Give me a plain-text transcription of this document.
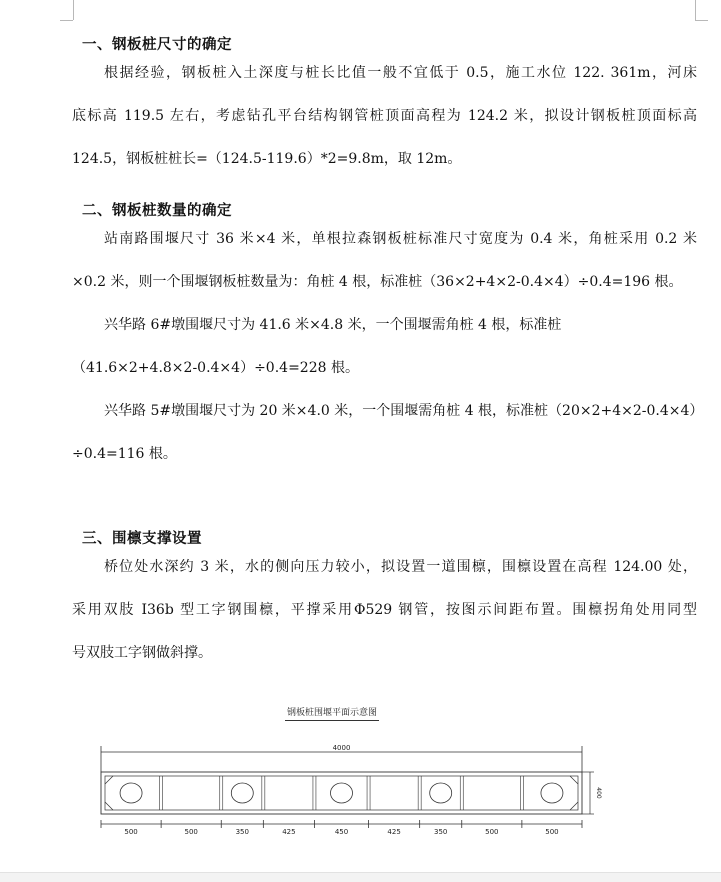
一、钢板桩尺寸的确定
根据经验，钢板桩入土深度与桩长比值一般不宜低于 0.5，施工水位 122. 361m，河床
底标高 119.5 左右，考虑钻孔平台结构钢管桩顶面高程为 124.2 米，拟设计钢板桩顶面标高
124.5，钢板桩桩长=（124.5-119.6）*2=9.8m，取 12m。
二、钢板桩数量的确定
站南路围堰尺寸 36 米×4 米，单根拉森钢板桩标准尺寸宽度为 0.4 米，角桩采用 0.2 米
×0.2 米，则一个围堰钢板桩数量为：角桩 4 根，标准桩（36×2+4×2-0.4×4）÷0.4=196 根。
兴华路 6#墩围堰尺寸为 41.6 米×4.8 米，一个围堰需角桩 4 根，标准桩
（41.6×2+4.8×2-0.4×4）÷0.4=228 根。
兴华路 5#墩围堰尺寸为 20 米×4.0 米，一个围堰需角桩 4 根，标准桩（20×2+4×2-0.4×4）
÷0.4=116 根。
三、围檩支撑设置
桥位处水深约 3 米，水的侧向压力较小，拟设置一道围檩，围檩设置在高程 124.00 处，
采用双肢 I36b 型工字钢围檩，平撑采用Φ529 钢管，按图示间距布置。围檩拐角处用同型
号双肢工字钢做斜撑。
钢板桩围堰平面示意图
4000
400
500	500	350	425	450	425	350	500	500
